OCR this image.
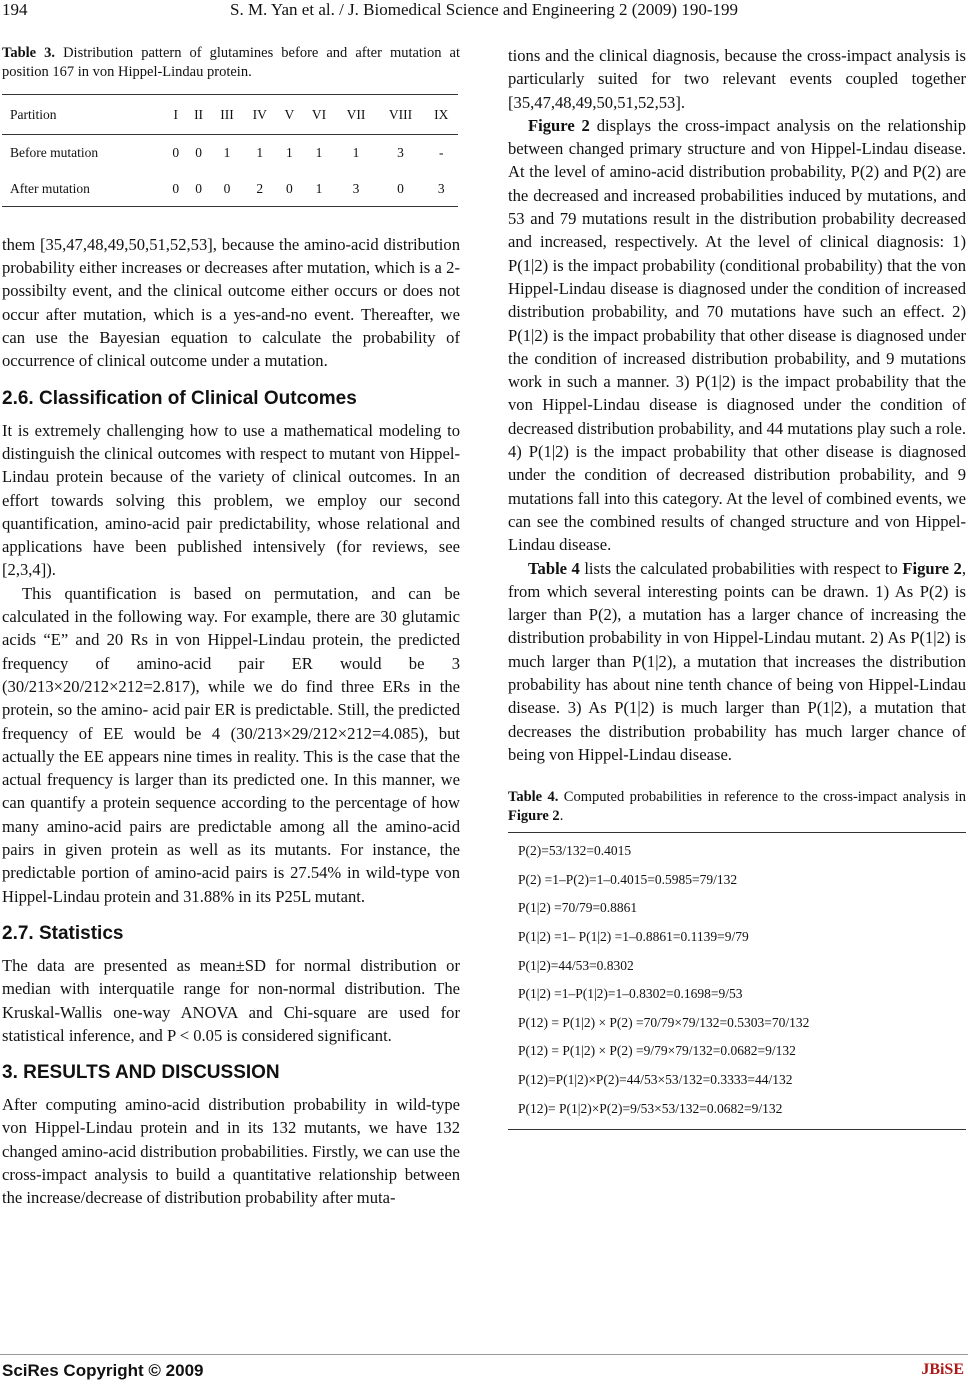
194	S. M. Yan et al. / J. Biomedical Science and Engineering 2 (2009) 190-199

Table 3. Distribution pattern of glutamines before and after mutation at position 167 in von Hippel-Lindau protein.

Partition	I	II	III	IV	V	VI	VII	VIII	IX
Before mutation	0	0	1	1	1	1	1	3	-
After mutation	0	0	0	2	0	1	3	0	3

them [35,47,48,49,50,51,52,53], because the amino-acid distribution probability either increases or decreases after mutation, which is a 2-possibilty event, and the clinical outcome either occurs or does not occur after mutation, which is a yes-and-no event. Thereafter, we can use the Bayesian equation to calculate the probability of occurrence of clinical outcome under a mutation.

2.6. Classification of Clinical Outcomes

It is extremely challenging how to use a mathematical modeling to distinguish the clinical outcomes with respect to mutant von Hippel-Lindau protein because of the variety of clinical outcomes. In an effort towards solving this problem, we employ our second quantification, amino-acid pair predictability, whose relational and applications have been published intensively (for reviews, see [2,3,4]).

This quantification is based on permutation, and can be calculated in the following way. For example, there are 30 glutamic acids “E” and 20 Rs in von Hippel-Lindau protein, the predicted frequency of amino-acid pair ER would be 3 (30/213×20/212×212=2.817), while we do find three ERs in the protein, so the amino- acid pair ER is predictable. Still, the predicted frequency of EE would be 4 (30/213×29/212×212=4.085), but actually the EE appears nine times in reality. This is the case that the actual frequency is larger than its predicted one. In this manner, we can quantify a protein sequence according to the percentage of how many amino-acid pairs are predictable among all the amino-acid pairs in given protein as well as its mutants. For instance, the predictable portion of amino-acid pairs is 27.54% in wild-type von Hippel-Lindau protein and 31.88% in its P25L mutant.

2.7. Statistics

The data are presented as mean±SD for normal distribution or median with interquatile range for non-normal distribution. The Kruskal-Wallis one-way ANOVA and Chi-square are used for statistical inference, and P < 0.05 is considered significant.

3. RESULTS AND DISCUSSION

After computing amino-acid distribution probability in wild-type von Hippel-Lindau protein and in its 132 mutants, we have 132 changed amino-acid distribution probabilities. Firstly, we can use the cross-impact analysis to build a quantitative relationship between the increase/decrease of distribution probability after muta-

tions and the clinical diagnosis, because the cross-impact analysis is particularly suited for two relevant events coupled together [35,47,48,49,50,51,52,53].

Figure 2 displays the cross-impact analysis on the relationship between changed primary structure and von Hippel-Lindau disease. At the level of amino-acid distribution probability, P(2) and P(2) are the decreased and increased probabilities induced by mutations, and 53 and 79 mutations result in the distribution probability decreased and increased, respectively. At the level of clinical diagnosis: 1) P(1|2) is the impact probability (conditional probability) that the von Hippel-Lindau disease is diagnosed under the condition of increased distribution probability, and 70 mutations have such an effect. 2) P(1|2) is the impact probability that other disease is diagnosed under the condition of increased distribution probability, and 9 mutations work in such a manner. 3) P(1|2) is the impact probability that the von Hippel-Lindau disease is diagnosed under the condition of decreased distribution probability, and 44 mutations play such a role. 4) P(1|2) is the impact probability that other disease is diagnosed under the condition of decreased distribution probability, and 9 mutations fall into this category. At the level of combined events, we can see the combined results of changed structure and von Hippel-Lindau disease.

Table 4 lists the calculated probabilities with respect to Figure 2, from which several interesting points can be drawn. 1) As P(2) is larger than P(2), a mutation has a larger chance of increasing the distribution probability in von Hippel-Lindau mutant. 2) As P(1|2) is much larger than P(1|2), a mutation that increases the distribution probability has about nine tenth chance of being von Hippel-Lindau disease. 3) As P(1|2) is much larger than P(1|2), a mutation that decreases the distribution probability has much larger chance of being von Hippel-Lindau disease.

Table 4. Computed probabilities in reference to the cross-impact analysis in Figure 2.

P(2)=53/132=0.4015
P(2) =1–P(2)=1–0.4015=0.5985=79/132
P(1|2) =70/79=0.8861
P(1|2) =1– P(1|2) =1–0.8861=0.1139=9/79
P(1|2)=44/53=0.8302
P(1|2) =1–P(1|2)=1–0.8302=0.1698=9/53
P(12) = P(1|2) × P(2) =70/79×79/132=0.5303=70/132
P(12) = P(1|2) × P(2) =9/79×79/132=0.0682=9/132
P(12)=P(1|2)×P(2)=44/53×53/132=0.3333=44/132
P(12)= P(1|2)×P(2)=9/53×53/132=0.0682=9/132
SciRes Copyright © 2009	JBiSE
